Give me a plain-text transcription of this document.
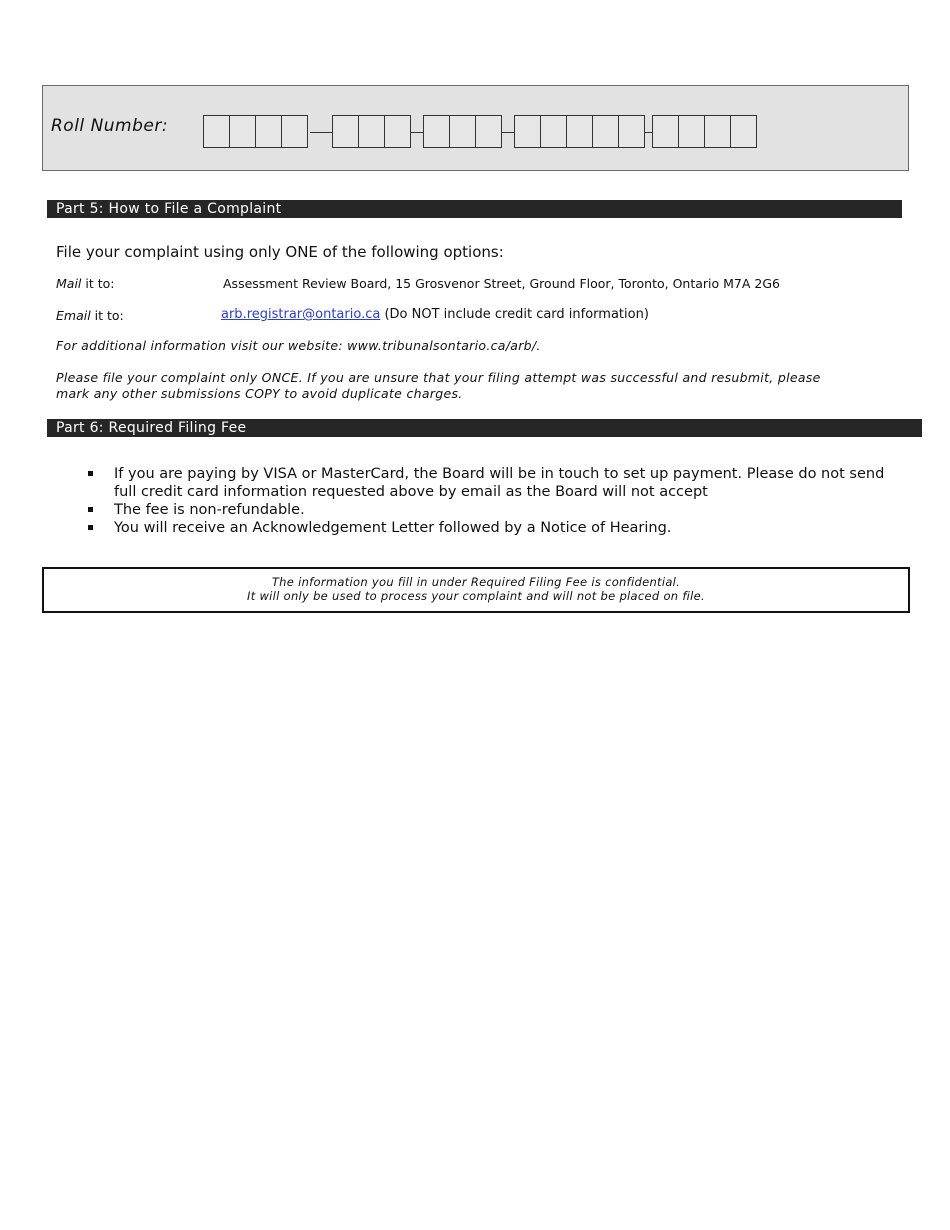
Roll Number:
Part 5: How to File a Complaint
File your complaint using only ONE of the following options:
Mail it to:	Assessment Review Board, 15 Grosvenor Street, Ground Floor, Toronto, Ontario M7A 2G6
Email it to:	arb.registrar@ontario.ca (Do NOT include credit card information)
For additional information visit our website: www.tribunalsontario.ca/arb/.
Please file your complaint only ONCE. If you are unsure that your filing attempt was successful and resubmit, please
mark any other submissions COPY to avoid duplicate charges.
Part 6: Required Filing Fee
If you are paying by VISA or MasterCard, the Board will be in touch to set up payment. Please do not send full credit card information requested above by email as the Board will not accept
The fee is non-refundable.
You will receive an Acknowledgement Letter followed by a Notice of Hearing.
The information you fill in under Required Filing Fee is confidential.
It will only be used to process your complaint and will not be placed on file.
